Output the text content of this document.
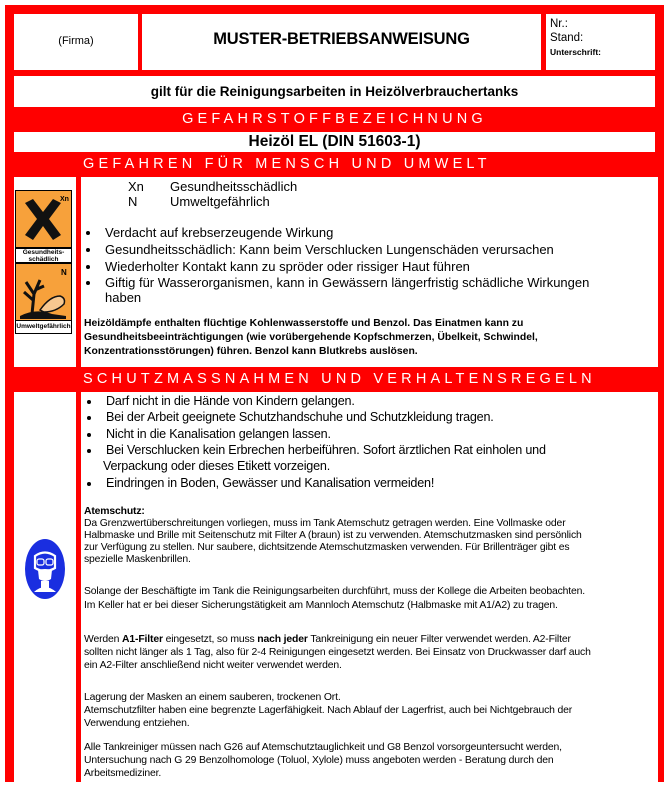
(Firma)	MUSTER-BETRIEBSANWEISUNG
Nr.:
Stand:
Unterschrift:
gilt für die Reinigungsarbeiten in Heizölverbrauchertanks
GEFAHRSTOFFBEZEICHNUNG
Heizöl EL (DIN 51603-1)
GEFAHREN FÜR MENSCH UND UMWELT
Xn
Gesundheits-
schädlich
N
Umweltgefährlich
Xn Gesundheitsschädlich
N	Umweltgefährlich
Verdacht auf krebserzeugende Wirkung
Gesundheitsschädlich: Kann beim Verschlucken Lungenschäden verursachen
Wiederholter Kontakt kann zu spröder oder rissiger Haut führen
Giftig für Wasserorganismen, kann in Gewässern längerfristig schädliche Wirkungen
haben
Heizöldämpfe enthalten flüchtige Kohlenwasserstoffe und Benzol. Das Einatmen kann zu
Gesundheitsbeeinträchtigungen (wie vorübergehende Kopfschmerzen, Übelkeit, Schwindel,
Konzentrationsstörungen) führen. Benzol kann Blutkrebs auslösen.
SCHUTZMASSNAHMEN UND VERHALTENSREGELN
Darf nicht in die Hände von Kindern gelangen.
Bei der Arbeit geeignete Schutzhandschuhe und Schutzkleidung tragen.
Nicht in die Kanalisation gelangen lassen.
Bei Verschlucken kein Erbrechen herbeiführen. Sofort ärztlichen Rat einholen und
Verpackung oder dieses Etikett vorzeigen.
Eindringen in Boden, Gewässer und Kanalisation vermeiden!
Atemschutz:
Da Grenzwertüberschreitungen vorliegen, muss im Tank Atemschutz getragen werden. Eine Vollmaske oder
Halbmaske und Brille mit Seitenschutz mit Filter A (braun) ist zu verwenden. Atemschutzmasken sind persönlich
zur Verfügung zu stellen. Nur saubere, dichtsitzende Atemschutzmasken verwenden. Für Brillenträger gibt es
spezielle Maskenbrillen.
Solange der Beschäftigte im Tank die Reinigungsarbeiten durchführt, muss der Kollege die Arbeiten beobachten.
Im Keller hat er bei dieser Sicherungstätigkeit am Mannloch Atemschutz (Halbmaske mit A1/A2) zu tragen.
Werden A1-Filter eingesetzt, so muss nach jeder Tankreinigung ein neuer Filter verwendet werden. A2-Filter
sollten nicht länger als 1 Tag, also für 2-4 Reinigungen eingesetzt werden. Bei Einsatz von Druckwasser darf auch
ein A2-Filter anschließend nicht weiter verwendet werden.
Lagerung der Masken an einem sauberen, trockenen Ort.
Atemschutzfilter haben eine begrenzte Lagerfähigkeit. Nach Ablauf der Lagerfrist, auch bei Nichtgebrauch der
Verwendung entziehen.
Alle Tankreiniger müssen nach G26 auf Atemschutztauglichkeit und G8 Benzol vorsorgeuntersucht werden,
Untersuchung nach G 29 Benzolhomologe (Toluol, Xylole) muss angeboten werden - Beratung durch den
Arbeitsmediziner.
